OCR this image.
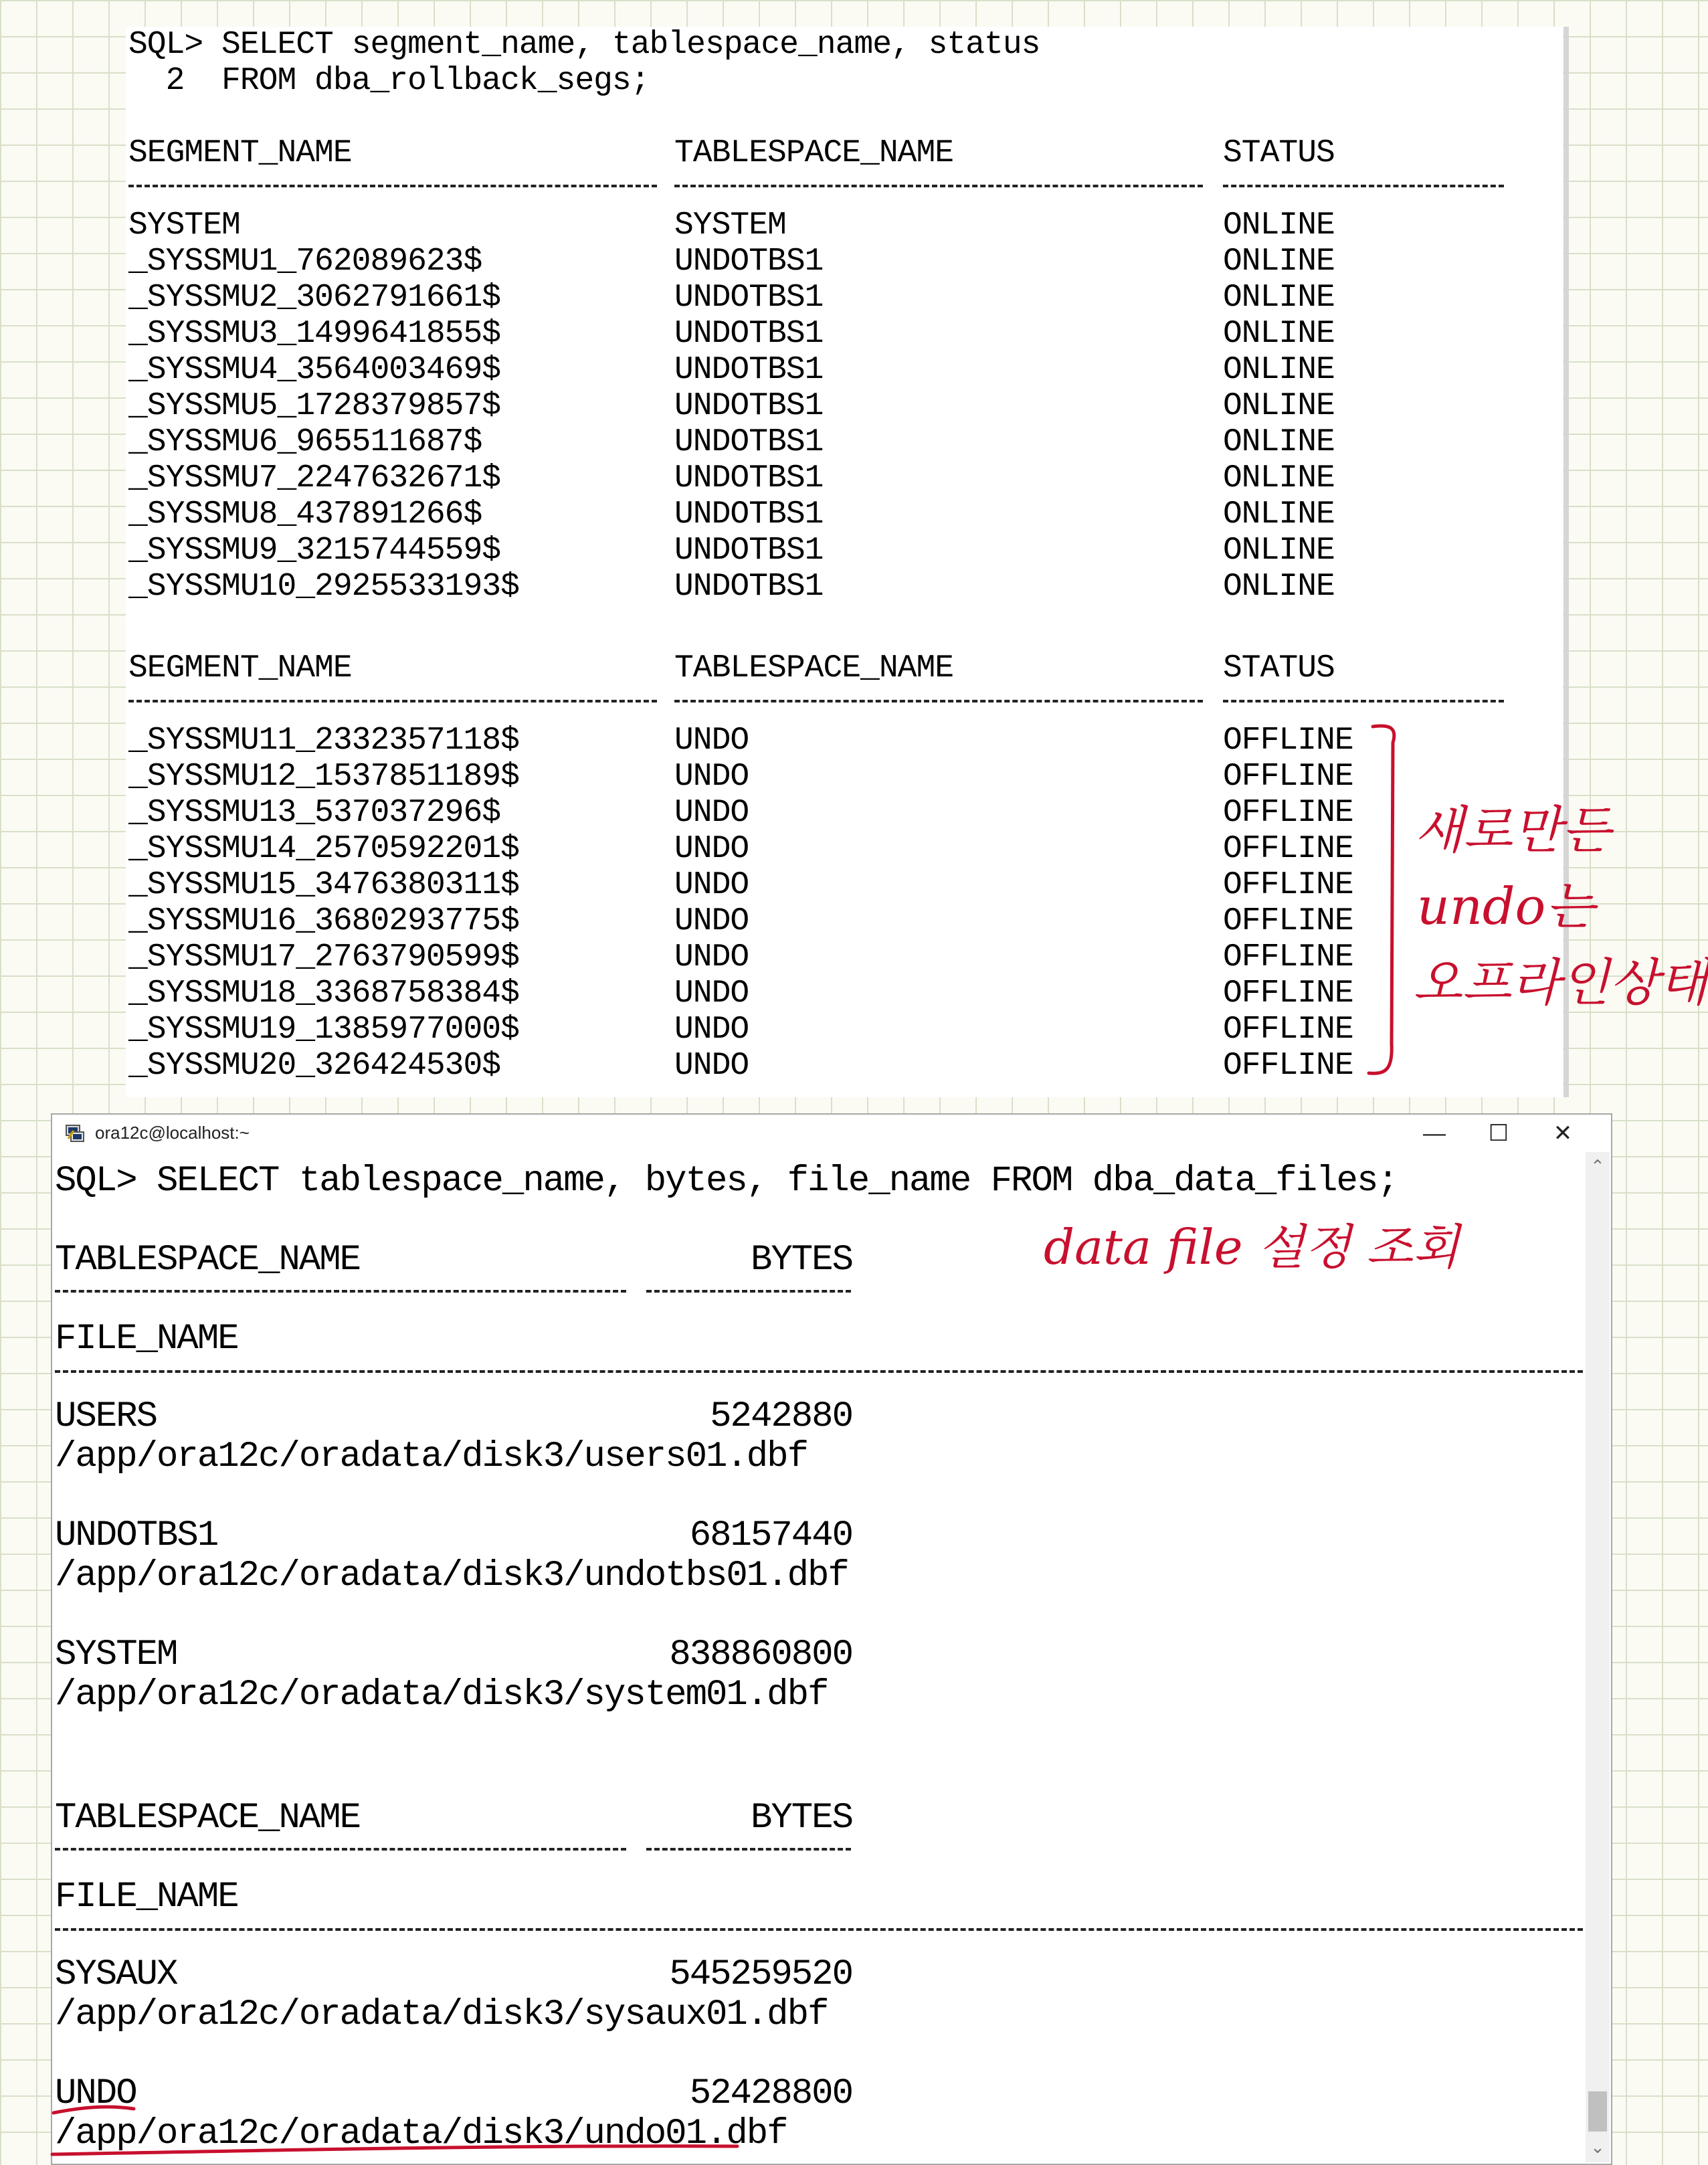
SQL> SELECT segment_name, tablespace_name, status
2  FROM dba_rollback_segs;
SEGMENT_NAME	TABLESPACE_NAME	STATUS
SYSTEM	SYSTEM	ONLINE
_SYSSMU1_762089623$	UNDOTBS1	ONLINE
_SYSSMU2_3062791661$	UNDOTBS1	ONLINE
_SYSSMU3_1499641855$	UNDOTBS1	ONLINE
_SYSSMU4_3564003469$	UNDOTBS1	ONLINE
_SYSSMU5_1728379857$	UNDOTBS1	ONLINE
_SYSSMU6_965511687$	UNDOTBS1	ONLINE
_SYSSMU7_2247632671$	UNDOTBS1	ONLINE
_SYSSMU8_437891266$	UNDOTBS1	ONLINE
_SYSSMU9_3215744559$	UNDOTBS1	ONLINE
_SYSSMU10_2925533193$	UNDOTBS1	ONLINE
SEGMENT_NAME	TABLESPACE_NAME	STATUS
_SYSSMU11_2332357118$	UNDO	OFFLINE
_SYSSMU12_1537851189$	UNDO	OFFLINE
_SYSSMU13_537037296$	UNDO	OFFLINE
_SYSSMU14_2570592201$	UNDO	OFFLINE
_SYSSMU15_3476380311$	UNDO	OFFLINE
_SYSSMU16_3680293775$	UNDO	OFFLINE
_SYSSMU17_2763790599$	UNDO	OFFLINE
_SYSSMU18_3368758384$	UNDO	OFFLINE
_SYSSMU19_1385977000$	UNDO	OFFLINE
_SYSSMU20_326424530$	UNDO	OFFLINE
ora12c@localhost:~	—	☐	✕
SQL> SELECT tablespace_name, bytes, file_name FROM dba_data_files;
TABLESPACE_NAME	BYTES
FILE_NAME
USERS	5242880
/app/ora12c/oradata/disk3/users01.dbf
UNDOTBS1	68157440
/app/ora12c/oradata/disk3/undotbs01.dbf
SYSTEM	838860800
/app/ora12c/oradata/disk3/system01.dbf
TABLESPACE_NAME	BYTES
FILE_NAME
SYSAUX	545259520
/app/ora12c/oradata/disk3/sysaux01.dbf
UNDO	52428800
/app/ora12c/oradata/disk3/undo01.dbf
⌃
⌄
새로만든
undo는
오프라인상태
data file 설정 조회
